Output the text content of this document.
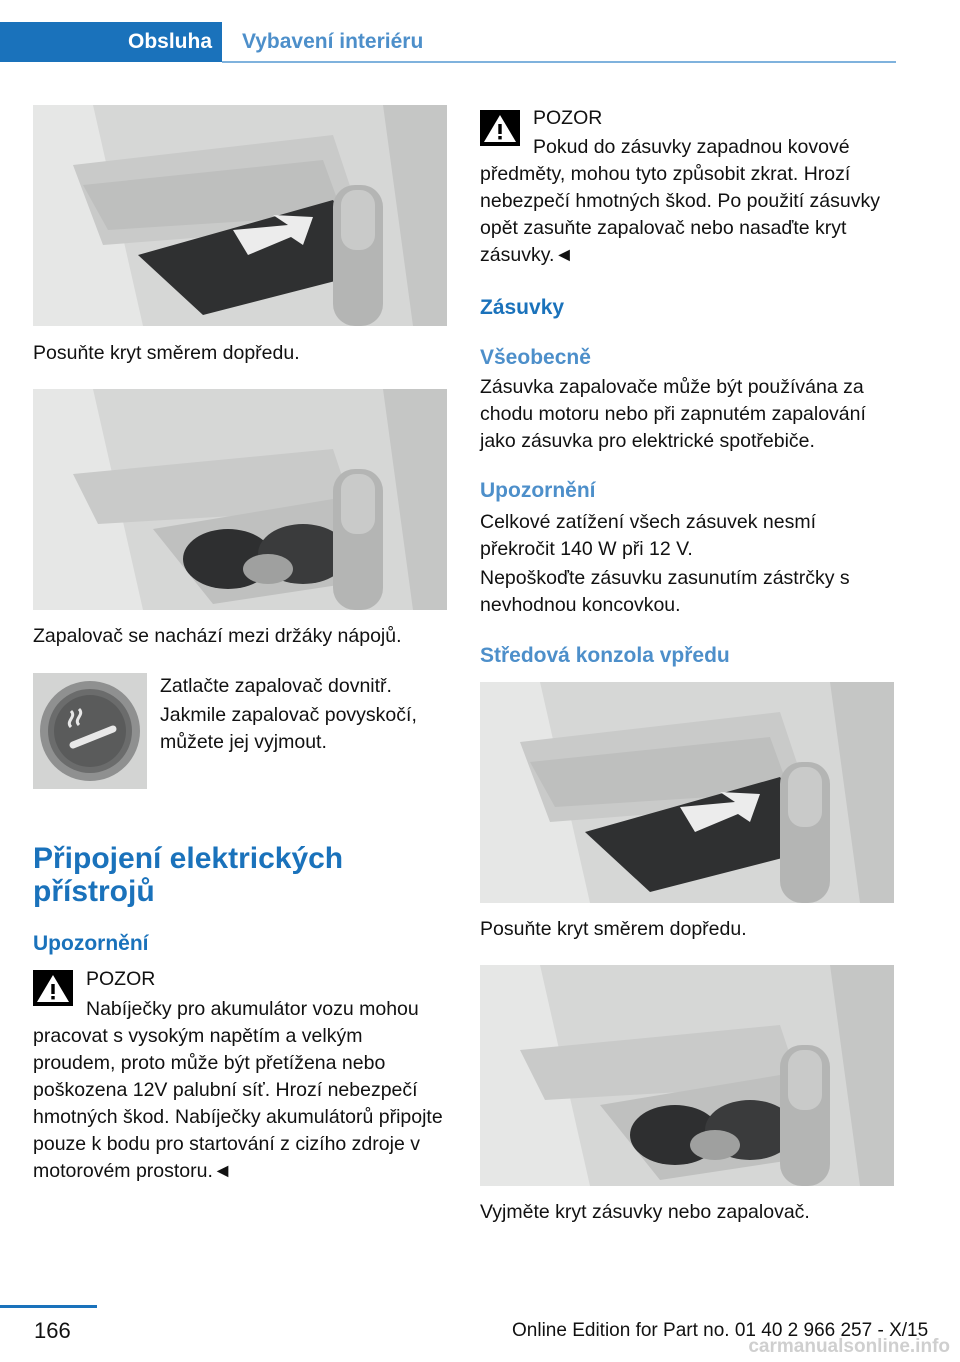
Obsluha	Vybavení interiéru

Posuňte kryt směrem dopředu.

Zapalovač se nachází mezi držáky nápojů.

Zatlačte zapalovač dovnitř.

Jakmile zapalovač povyskočí, můžete jej vyjmout.

Připojení elektrických přístrojů
Upozornění

POZOR

Nabíječky pro akumulátor vozu mohou pracovat s vysokým napětím a velkým proudem, proto může být přetížena nebo poškozena 12V palubní síť. Hrozí nebezpečí hmotných škod. Nabíječky akumulátorů připojte pouze k bodu pro startování z cizího zdroje v motorovém prostoru.◄

POZOR

Pokud do zásuvky zapadnou kovové předměty, mohou tyto způsobit zkrat. Hrozí nebezpečí hmotných škod. Po použití zásuvky opět zasuňte zapalovač nebo nasaďte kryt zásuvky.◄

Zásuvky
Všeobecně

Zásuvka zapalovače může být používána za chodu motoru nebo při zapnutém zapalování jako zásuvka pro elektrické spotřebiče.

Upozornění

Celkové zatížení všech zásuvek nesmí překročit 140 W při 12 V.

Nepoškoďte zásuvku zasunutím zástrčky s nevhodnou koncovkou.

Středová konzola vpředu

Posuňte kryt směrem dopředu.

Vyjměte kryt zásuvky nebo zapalovač.

166	Online Edition for Part no. 01 40 2 966 257 - X/15

carmanualsonline.info
